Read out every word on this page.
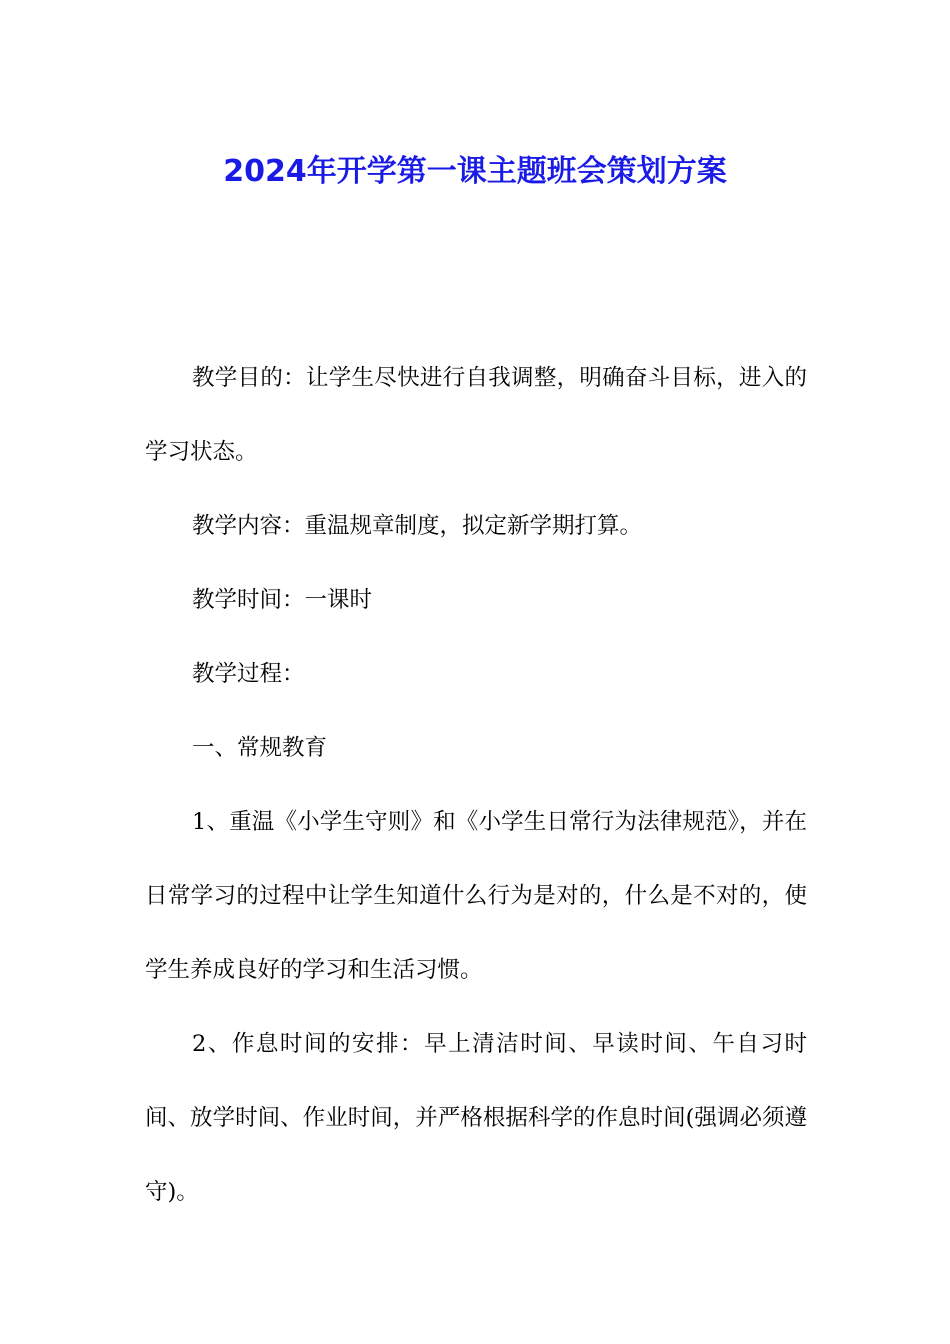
2024年开学第一课主题班会策划方案

教学目的：让学生尽快进行自我调整，明确奋斗目标，进入的学习状态。

教学内容：重温规章制度，拟定新学期打算。

教学时间：一课时

教学过程：

一、常规教育

1、重温《小学生守则》和《小学生日常行为法律规范》，并在日常学习的过程中让学生知道什么行为是对的，什么是不对的，使学生养成良好的学习和生活习惯。

2、作息时间的安排：早上清洁时间、早读时间、午自习时间、放学时间、作业时间，并严格根据科学的作息时间(强调必须遵守)。
